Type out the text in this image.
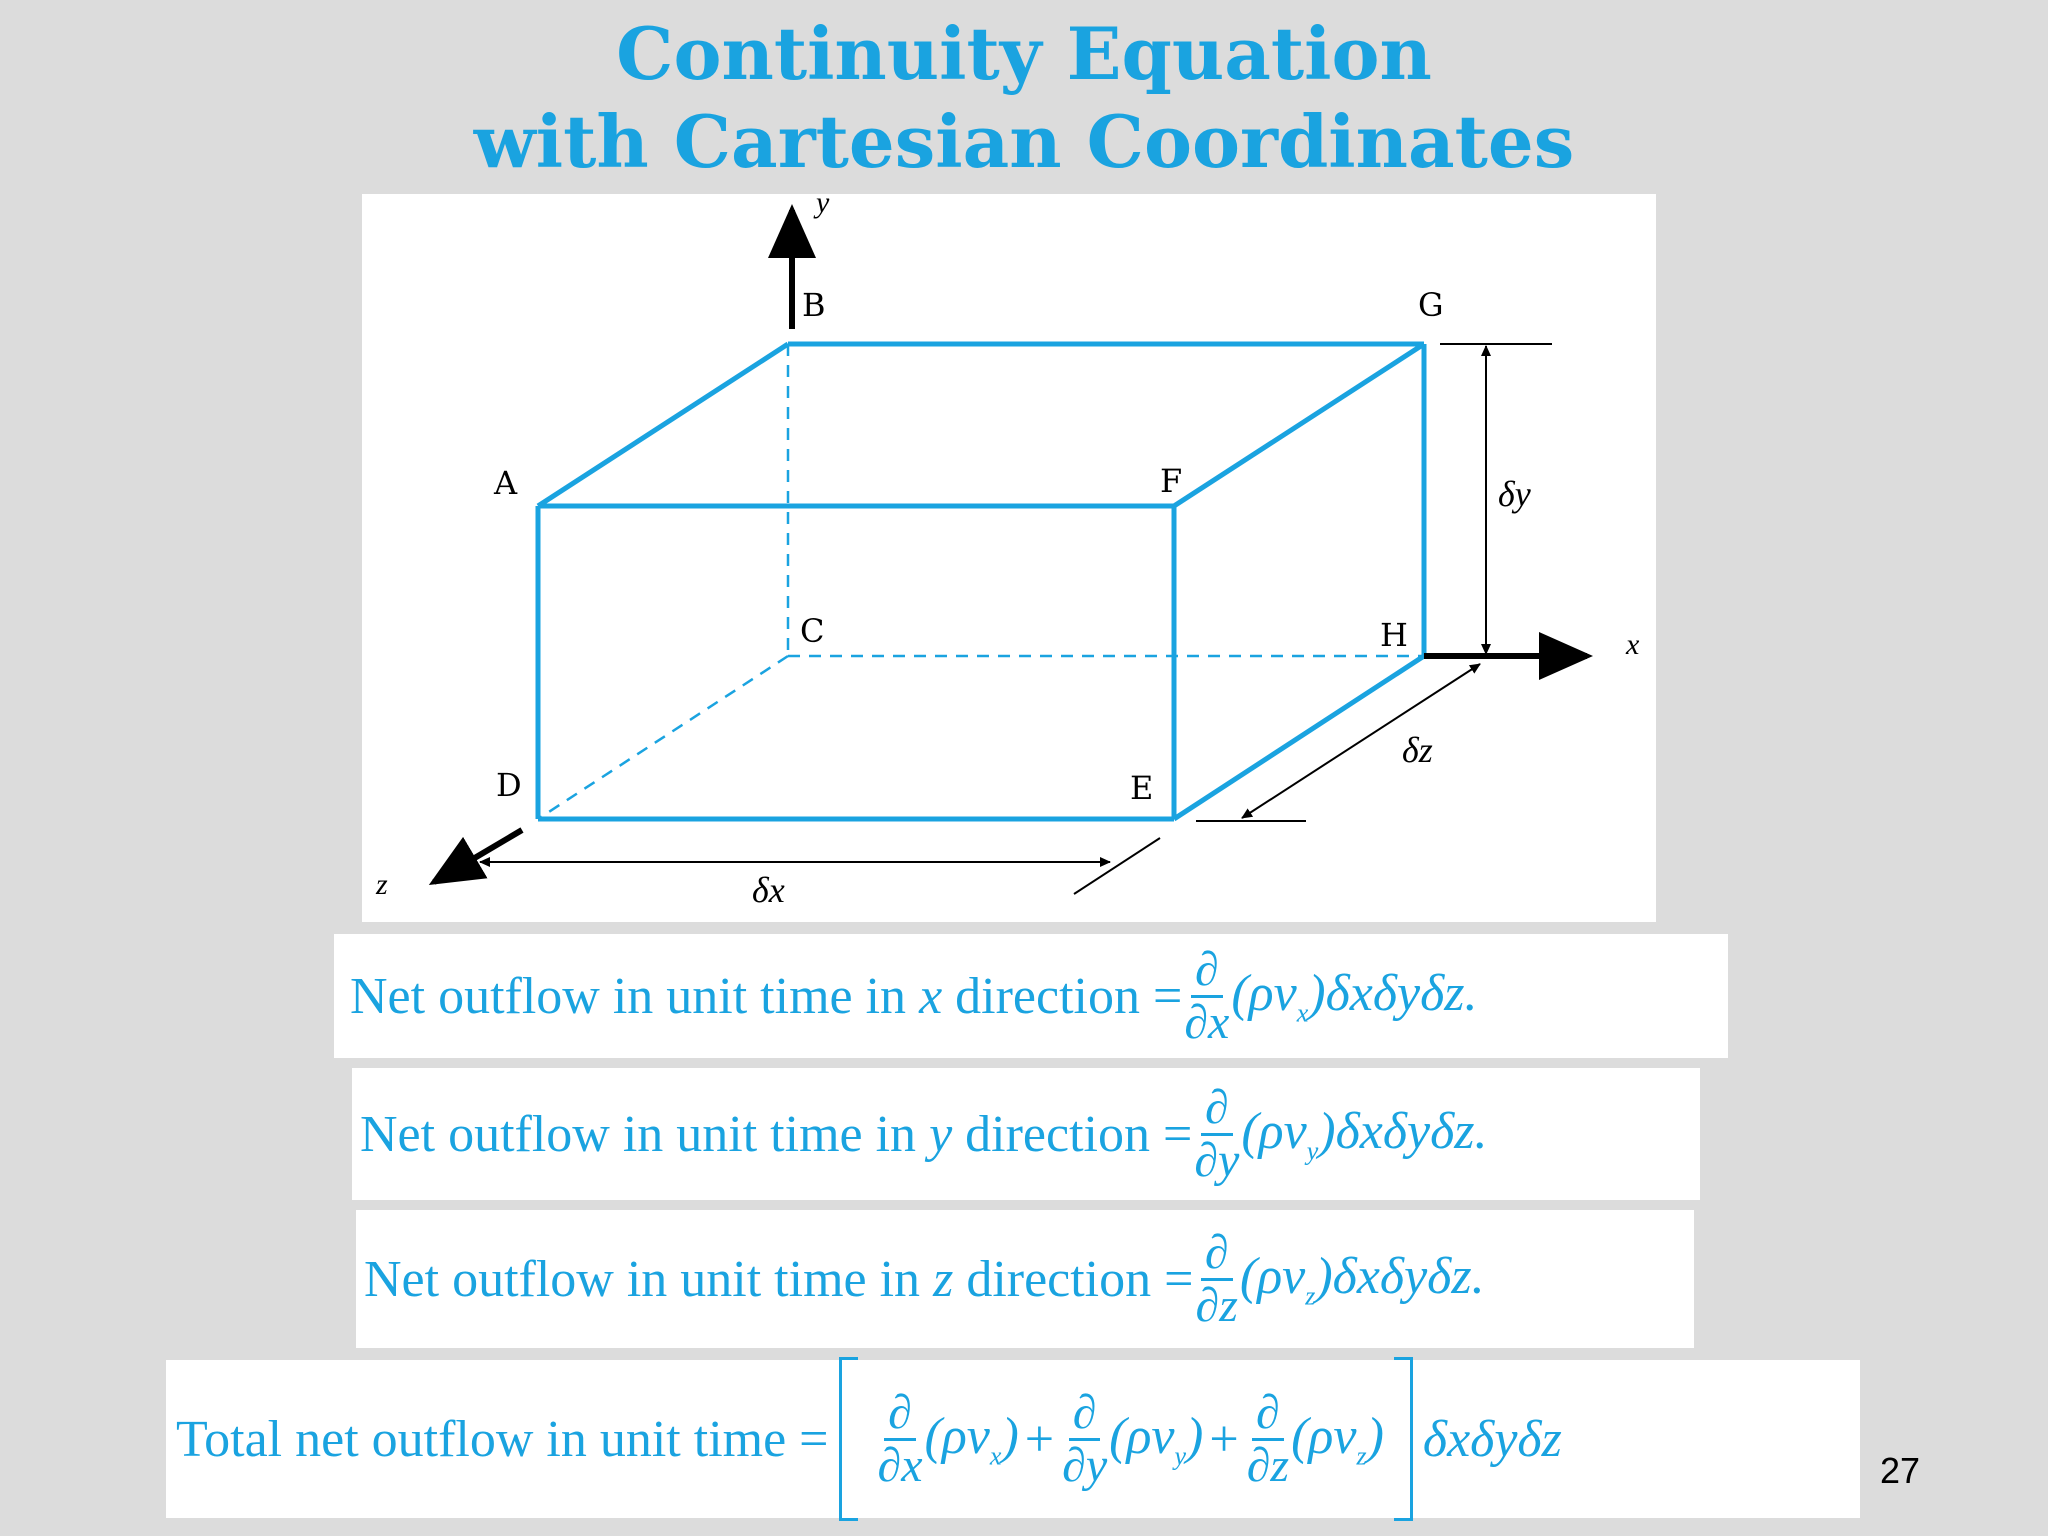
Continuity Equation
with Cartesian Coordinates
A
B
C
D	E
F
G
H
y
x
z	δx
δy
δz
Net outflow in unit time in x direction = $\frac{\partial}{\partial x} (\rho v_x)\delta x\delta y\delta z$.
Net outflow in unit time in y direction = $\frac{\partial}{\partial y} (\rho v_y)\delta x\delta y\delta z$.
Net outflow in unit time in z direction = $\frac{\partial}{\partial z} (\rho v_z)\delta x\delta y\delta z$.
Total net outflow in unit time = $\frac{\partial}{\partial x} (\rho v_x) + \frac{\partial}{\partial y} (\rho v_y) + \frac{\partial}{\partial z} (\rho v_z)$ δxδyδz
27
